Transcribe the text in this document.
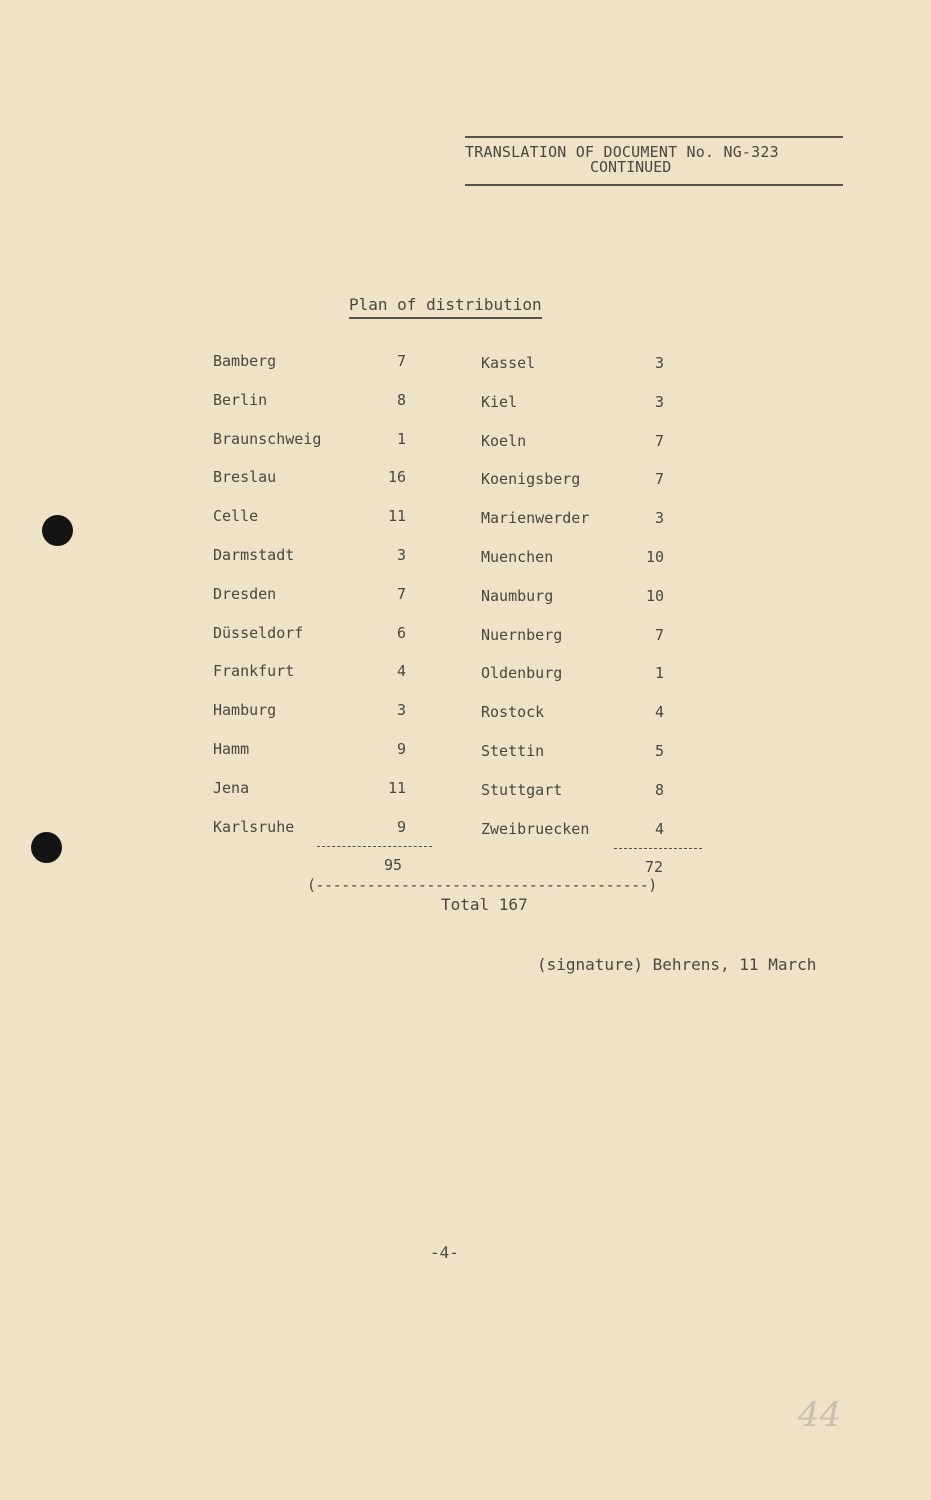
TRANSLATION OF DOCUMENT No. NG-323
CONTINUED
Plan of distribution
Bamberg	7
Berlin	8
Braunschweig	1
Breslau	16
Celle	11
Darmstadt	3
Dresden	7
Düsseldorf	6
Frankfurt	4
Hamburg	3
Hamm	9
Jena	11
Karlsruhe	9
Kassel	3
Kiel	3
Koeln	7
Koenigsberg	7
Marienwerder	3
Muenchen	10
Naumburg	10
Nuernberg	7
Oldenburg	1
Rostock	4
Stettin	5
Stuttgart	8
Zweibruecken	4
95	72
(---------------------------------------)
Total 167
(signature) Behrens, 11 March
-4-
44
